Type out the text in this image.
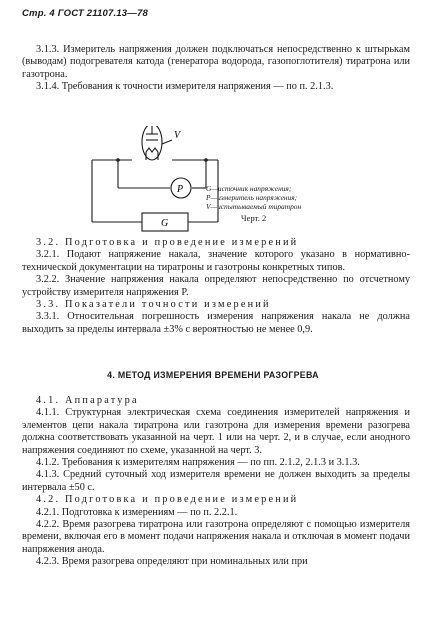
Стр. 4 ГОСТ 21107.13—78

3.1.3. Измеритель напряжения должен подключаться непосредственно к штырькам (выводам) подогревателя катода (генератора водорода, газопоглотителя) тиратрона или газотрона.

3.1.4. Требования к точности измерителя напряжения — по п. 2.1.3.

V
P
G
G—источник напряжения;
P—измеритель напряжения;
V—испытываемый тиратрон
Черт. 2

3.2. Подготовка и проведение измерений

3.2.1. Подают напряжение накала, значение которого указано в нормативно-технической документации на тиратроны и газотроны конкретных типов.

3.2.2. Значение напряжения накала определяют непосредственно по отсчетному устройству измерителя напряжения P.

3.3. Показатели точности измерений

3.3.1. Относительная погрешность измерения напряжения накала не должна выходить за пределы интервала ±3% с вероятностью не менее 0,9.

4. МЕТОД ИЗМЕРЕНИЯ ВРЕМЕНИ РАЗОГРЕВА

4.1. Аппаратура

4.1.1. Структурная электрическая схема соединения измерителей напряжения и элементов цепи накала тиратрона или газотрона для измерения времени разогрева должна соответствовать указанной на черт. 1 или на черт. 2, и в случае, если анодного напряжения соединяют по схеме, указанной на черт. 3.

4.1.2. Требования к измерителям напряжения — по пп. 2.1.2, 2.1.3 и 3.1.3.

4.1.3. Средний суточный ход измерителя времени не должен выходить за пределы интервала ±50 с.

4.2. Подготовка и проведение измерений

4.2.1. Подготовка к измерениям — по п. 2.2.1.

4.2.2. Время разогрева тиратрона или газотрона определяют с помощью измерителя времени, включая его в момент подачи напряжения накала и отключая в момент подачи напряжения анода.

4.2.3. Время разогрева определяют при номинальных или при
